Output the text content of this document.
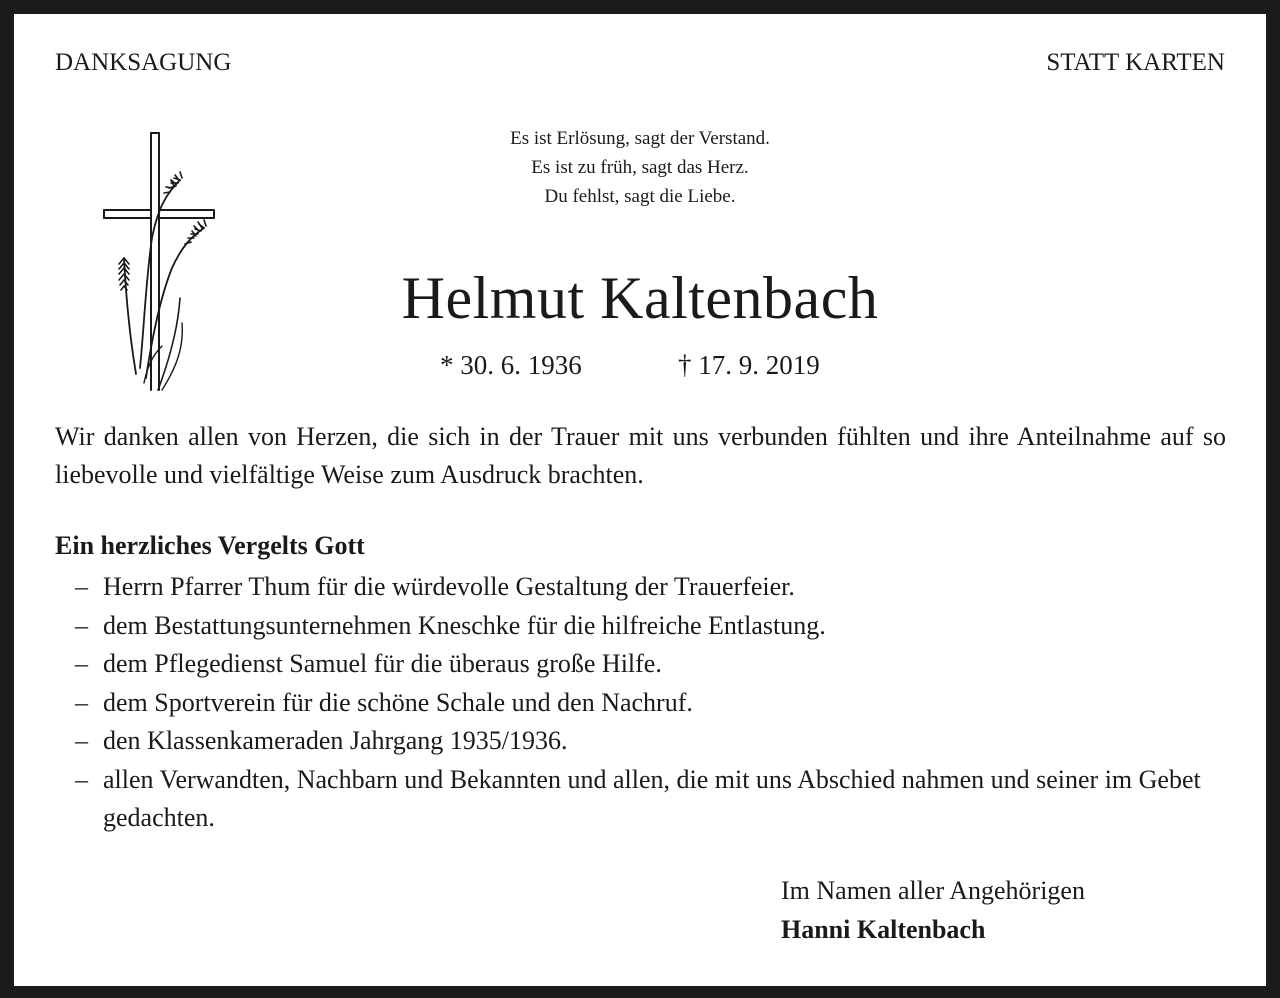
DANKSAGUNG	STATT KARTEN
Es ist Erlösung, sagt der Verstand.
Es ist zu früh, sagt das Herz.
Du fehlst, sagt die Liebe.
Helmut Kaltenbach
* 30. 6. 1936	† 17. 9. 2019
Wir danken allen von Herzen, die sich in der Trauer mit uns verbunden fühlten und ihre Anteilnahme auf so liebevolle und vielfältige Weise zum Ausdruck brachten.
Ein herzliches Vergelts Gott
– Herrn Pfarrer Thum für die würdevolle Gestaltung der Trauerfeier.
– dem Bestattungsunternehmen Kneschke für die hilfreiche Entlastung.
– dem Pflegedienst Samuel für die überaus große Hilfe.
– dem Sportverein für die schöne Schale und den Nachruf.
– den Klassenkameraden Jahrgang 1935/1936.
– allen Verwandten, Nachbarn und Bekannten und allen, die mit uns Abschied nahmen und seiner im Gebet gedachten.
Im Namen aller Angehörigen
Hanni Kaltenbach
